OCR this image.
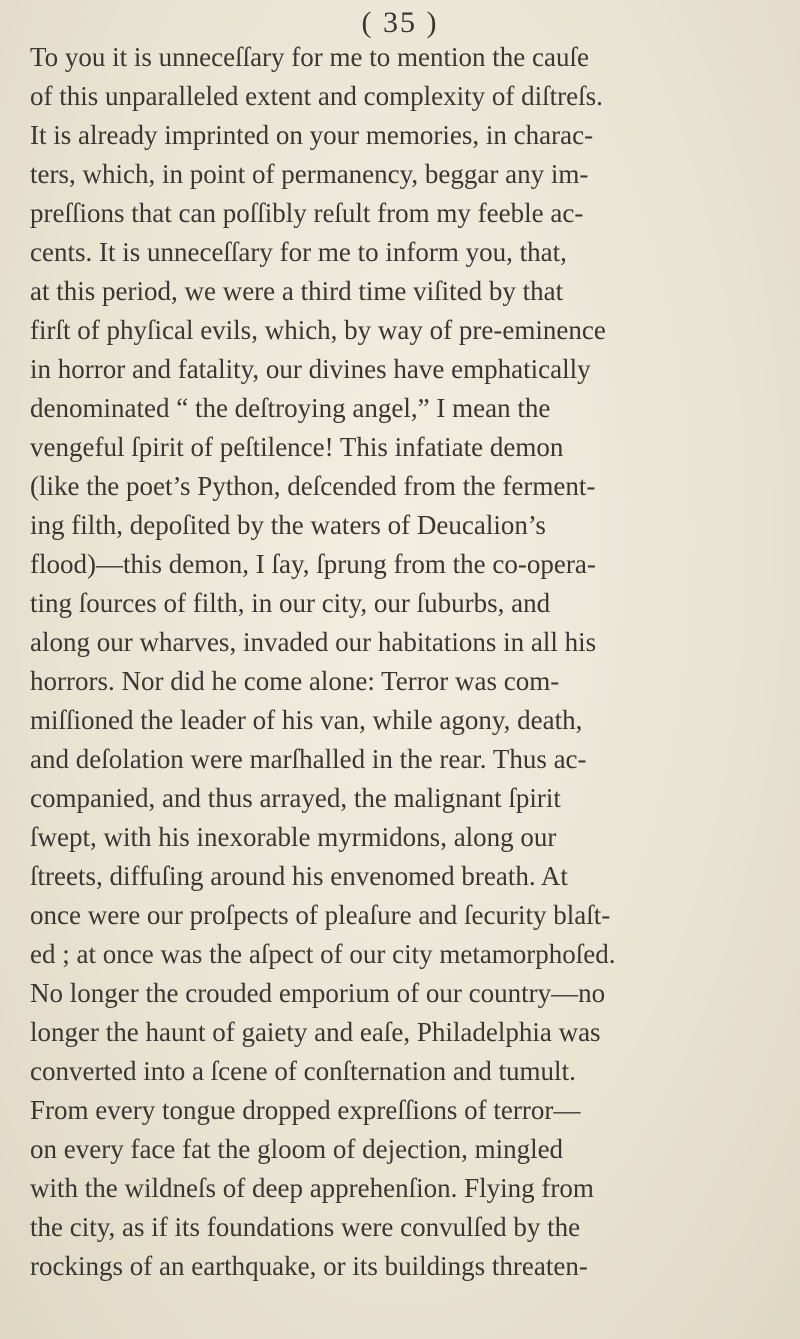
( 35 )
To you it is unneceſſary for me to mention the cauſe
of this unparalleled extent and complexity of diſtreſs.
It is already imprinted on your memories, in charac-
ters, which, in point of permanency, beggar any im-
preſſions that can poſſibly reſult from my feeble ac-
cents. It is unneceſſary for me to inform you, that,
at this period, we were a third time viſited by that
firſt of phyſical evils, which, by way of pre-eminence
in horror and fatality, our divines have emphatically
denominated “ the deſtroying angel,” I mean the
vengeful ſpirit of peſtilence! This infatiate demon
(like the poet’s Python, deſcended from the ferment-
ing filth, depoſited by the waters of Deucalion’s
flood)—this demon, I ſay, ſprung from the co-opera-
ting ſources of filth, in our city, our ſuburbs, and
along our wharves, invaded our habitations in all his
horrors. Nor did he come alone: Terror was com-
miſſioned the leader of his van, while agony, death,
and deſolation were marſhalled in the rear. Thus ac-
companied, and thus arrayed, the malignant ſpirit
ſwept, with his inexorable myrmidons, along our
ſtreets, diffuſing around his envenomed breath. At
once were our proſpects of pleaſure and ſecurity blaſt-
ed ; at once was the aſpect of our city metamorphoſed.
No longer the crouded emporium of our country—no
longer the haunt of gaiety and eaſe, Philadelphia was
converted into a ſcene of conſternation and tumult.
From every tongue dropped expreſſions of terror—
on every face fat the gloom of dejection, mingled
with the wildneſs of deep apprehenſion. Flying from
the city, as if its foundations were convulſed by the
rockings of an earthquake, or its buildings threaten-
